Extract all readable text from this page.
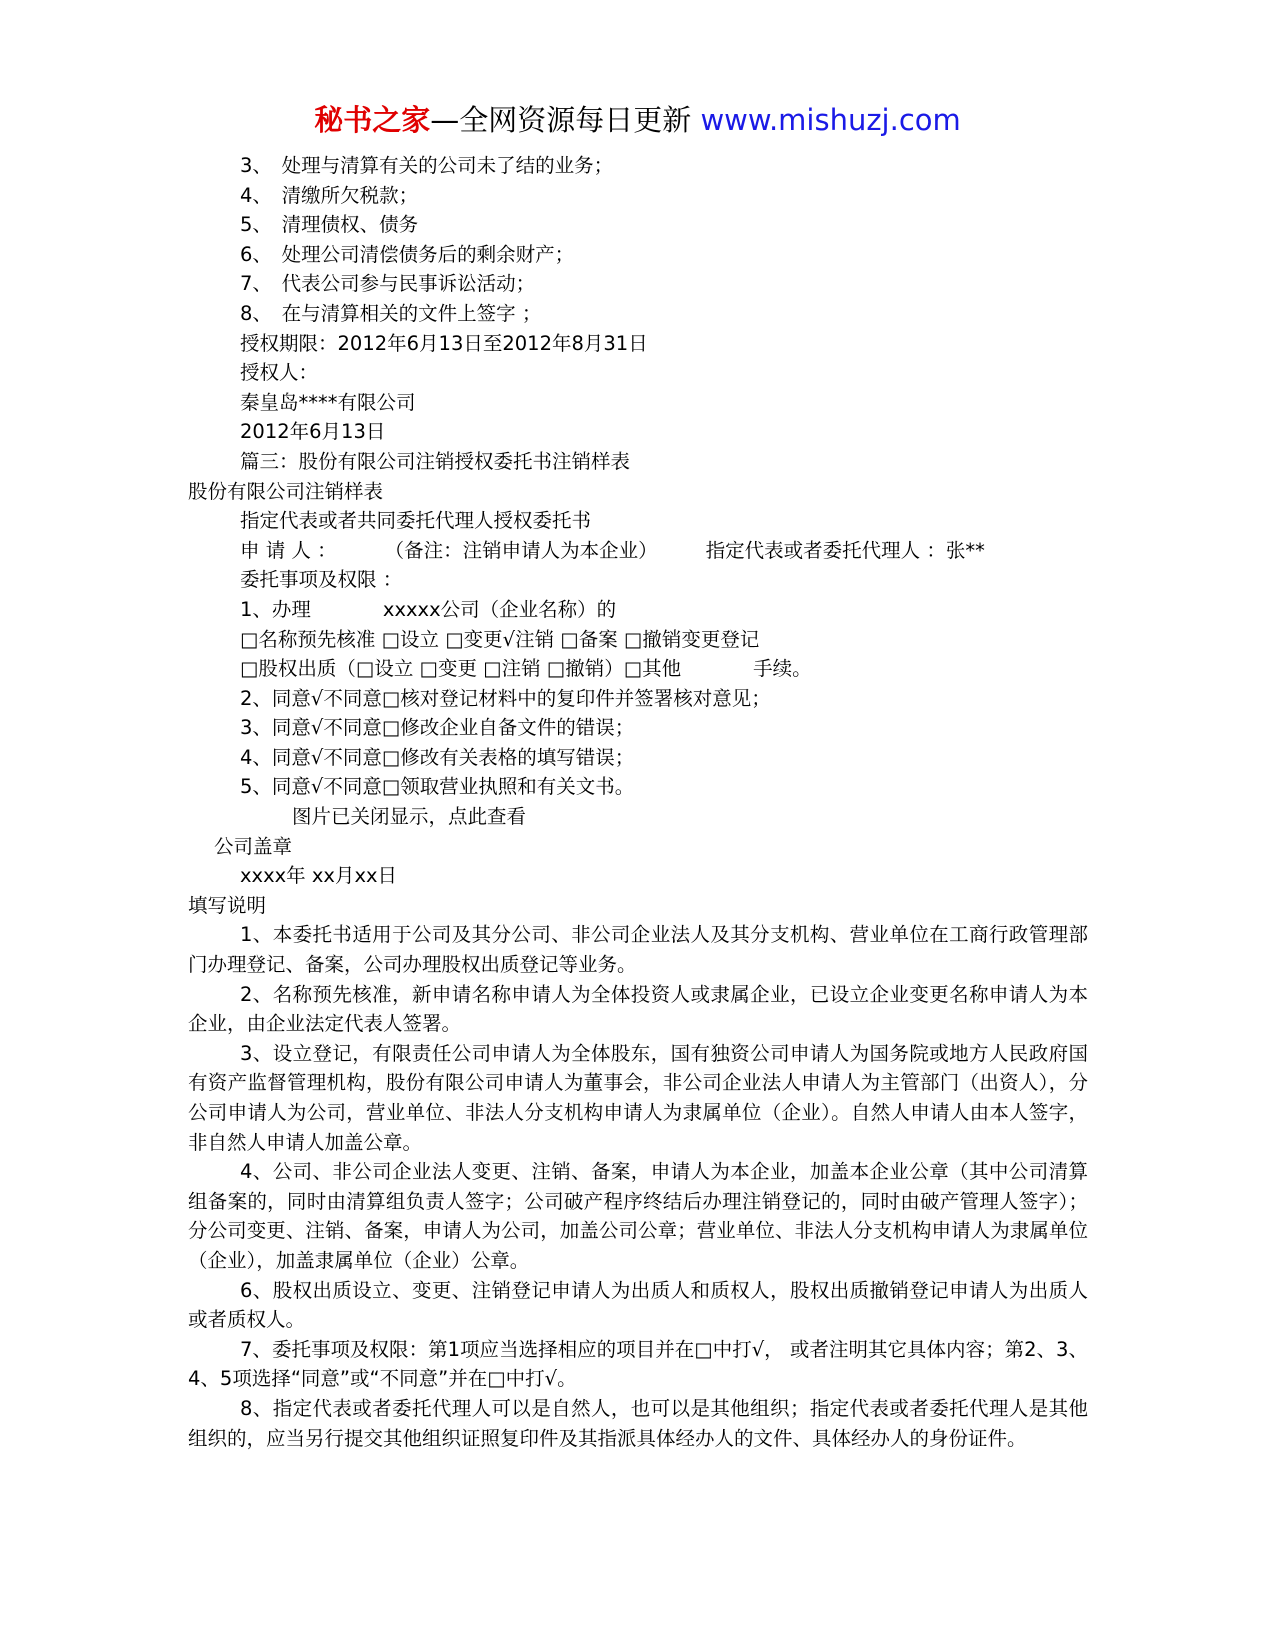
秘书之家—全网资源每日更新 www.mishuzj.com
3、　处理与清算有关的公司未了结的业务；
4、　清缴所欠税款；
5、　清理债权、债务
6、　处理公司清偿债务后的剩余财产；
7、　代表公司参与民事诉讼活动；
8、　在与清算相关的文件上签字 ；
授权期限：2012年6月13日至2012年8月31日
授权人：
秦皇岛****有限公司
2012年6月13日
篇三：股份有限公司注销授权委托书注销样表
股份有限公司注销样表
指定代表或者共同委托代理人授权委托书
申 请 人 ： （备注：注销申请人为本企业） 指定代表或者委托代理人 ：张**
委托事项及权限 ：
1、办理	xxxxx公司（企业名称）的
□名称预先核准 □设立 □变更√注销 □备案 □撤销变更登记
□股权出质（□设立 □变更 □注销 □撤销）□其他	手续。
2、同意√不同意□核对登记材料中的复印件并签署核对意见；
3、同意√不同意□修改企业自备文件的错误；
4、同意√不同意□修改有关表格的填写错误；
5、同意√不同意□领取营业执照和有关文书。
图片已关闭显示，点此查看
公司盖章
xxxx年 xx月xx日
填写说明
1、本委托书适用于公司及其分公司、非公司企业法人及其分支机构、营业单位在工商行政管理部门办理登记、备案，公司办理股权出质登记等业务。
2、名称预先核准，新申请名称申请人为全体投资人或隶属企业，已设立企业变更名称申请人为本企业，由企业法定代表人签署。
3、设立登记，有限责任公司申请人为全体股东，国有独资公司申请人为国务院或地方人民政府国有资产监督管理机构，股份有限公司申请人为董事会，非公司企业法人申请人为主管部门（出资人），分公司申请人为公司，营业单位、非法人分支机构申请人为隶属单位（企业）。自然人申请人由本人签字，非自然人申请人加盖公章。
4、公司、非公司企业法人变更、注销、备案，申请人为本企业，加盖本企业公章（其中公司清算组备案的，同时由清算组负责人签字；公司破产程序终结后办理注销登记的，同时由破产管理人签字）；分公司变更、注销、备案，申请人为公司，加盖公司公章；营业单位、非法人分支机构申请人为隶属单位（企业），加盖隶属单位（企业）公章。
6、股权出质设立、变更、注销登记申请人为出质人和质权人，股权出质撤销登记申请人为出质人或者质权人。
7、委托事项及权限：第1项应当选择相应的项目并在□中打√， 或者注明其它具体内容；第2、3、4、5项选择“同意”或“不同意”并在□中打√。
8、指定代表或者委托代理人可以是自然人，也可以是其他组织；指定代表或者委托代理人是其他组织的，应当另行提交其他组织证照复印件及其指派具体经办人的文件、具体经办人的身份证件。
